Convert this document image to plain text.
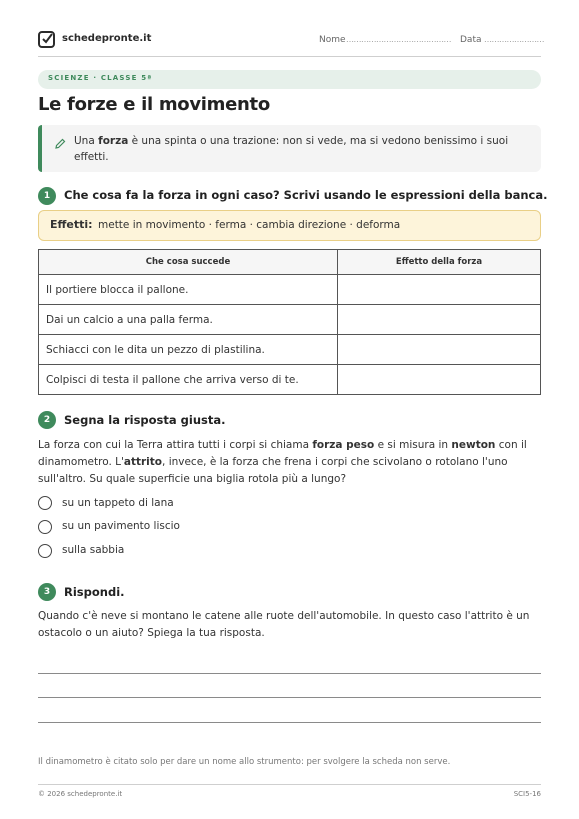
schedepronte.it	Nome …………………………………… Data ……………………
SCIENZE · CLASSE 5ª
Le forze e il movimento
Una forza è una spinta o una trazione: non si vede, ma si vedono benissimo i suoi effetti.
1	Che cosa fa la forza in ogni caso? Scrivi usando le espressioni della banca.
Effetti: mette in movimento · ferma · cambia direzione · deforma
Che cosa succede	Effetto della forza
Il portiere blocca il pallone.	
Dai un calcio a una palla ferma.	
Schiacci con le dita un pezzo di plastilina.	
Colpisci di testa il pallone che arriva verso di te.	
2	Segna la risposta giusta.
La forza con cui la Terra attira tutti i corpi si chiama forza peso e si misura in newton con il dinamometro. L'attrito, invece, è la forza che frena i corpi che scivolano o rotolano l'uno sull'altro. Su quale superficie una biglia rotola più a lungo?
su un tappeto di lana
su un pavimento liscio
sulla sabbia
3	Rispondi.
Quando c'è neve si montano le catene alle ruote dell'automobile. In questo caso l'attrito è un ostacolo o un aiuto? Spiega la tua risposta.
Il dinamometro è citato solo per dare un nome allo strumento: per svolgere la scheda non serve.
© 2026 schedepronte.it	SCI5-16
